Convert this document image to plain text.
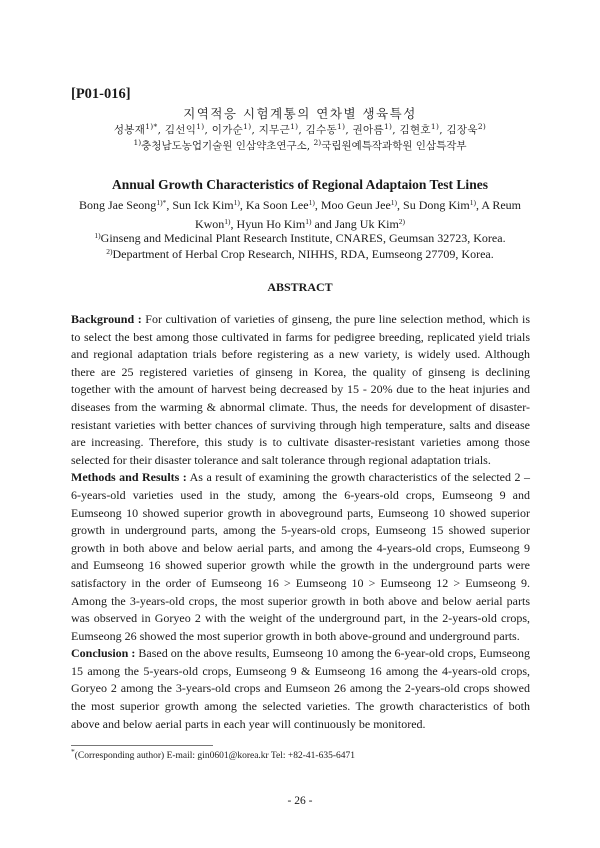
[P01-016]
지역적응 시험계통의 연차별 생육특성
성봉재$^{1)*}$, 김선익$^{1)}$, 이가순$^{1)}$, 지무근$^{1)}$, 김수동$^{1)}$, 권아름$^{1)}$, 김현호$^{1)}$, 김장욱$^{2)}$
$^{1)}$충청남도농업기술원 인삼약초연구소, $^{2)}$국립원예특작과학원 인삼특작부
Annual Growth Characteristics of Regional Adaptaion Test Lines
Bong Jae Seong$^{1)*}$, Sun Ick Kim$^{1)}$, Ka Soon Lee$^{1)}$, Moo Geun Jee$^{1)}$, Su Dong Kim$^{1)}$, A Reum Kwon$^{1)}$, Hyun Ho Kim$^{1)}$ and Jang Uk Kim$^{2)}$
$^{1)}$Ginseng and Medicinal Plant Research Institute, CNARES, Geumsan 32723, Korea.
$^{2)}$Department of Herbal Crop Research, NIHHS, RDA, Eumseong 27709, Korea.
ABSTRACT

Background : For cultivation of varieties of ginseng, the pure line selection method, which is to select the best among those cultivated in farms for pedigree breeding, replicated yield trials and regional adaptation trials before registering as a new variety, is widely used. Although there are 25 registered varieties of ginseng in Korea, the quality of ginseng is declining together with the amount of harvest being decreased by 15 - 20% due to the heat injuries and diseases from the warming & abnormal climate. Thus, the needs for development of disaster-resistant varieties with better chances of surviving through high temperature, salts and disease are increasing. Therefore, this study is to cultivate disaster-resistant varieties among those selected for their disaster tolerance and salt tolerance through regional adaptation trials.

Methods and Results : As a result of examining the growth characteristics of the selected 2 – 6-years-old varieties used in the study, among the 6-years-old crops, Eumseong 9 and Eumseong 10 showed superior growth in aboveground parts, Eumseong 10 showed superior growth in underground parts, among the 5-years-old crops, Eumseong 15 showed superior growth in both above and below aerial parts, and among the 4-years-old crops, Eumseong 9 and Eumseong 16 showed superior growth while the growth in the underground parts were satisfactory in the order of Eumseong 16 > Eumseong 10 > Eumseong 12 > Eumseong 9. Among the 3-years-old crops, the most superior growth in both above and below aerial parts was observed in Goryeo 2 with the weight of the underground part, in the 2-years-old crops, Eumseong 26 showed the most superior growth in both above-ground and underground parts.

Conclusion : Based on the above results, Eumseong 10 among the 6-year-old crops, Eumseong 15 among the 5-years-old crops, Eumseong 9 & Eumseong 16 among the 4-years-old crops, Goryeo 2 among the 3-years-old crops and Eumseon 26 among the 2-years-old crops showed the most superior growth among the selected varieties. The growth characteristics of both above and below aerial parts in each year will continuously be monitored.

*(Corresponding author) E-mail: gin0601@korea.kr Tel: +82-41-635-6471
- 26 -
